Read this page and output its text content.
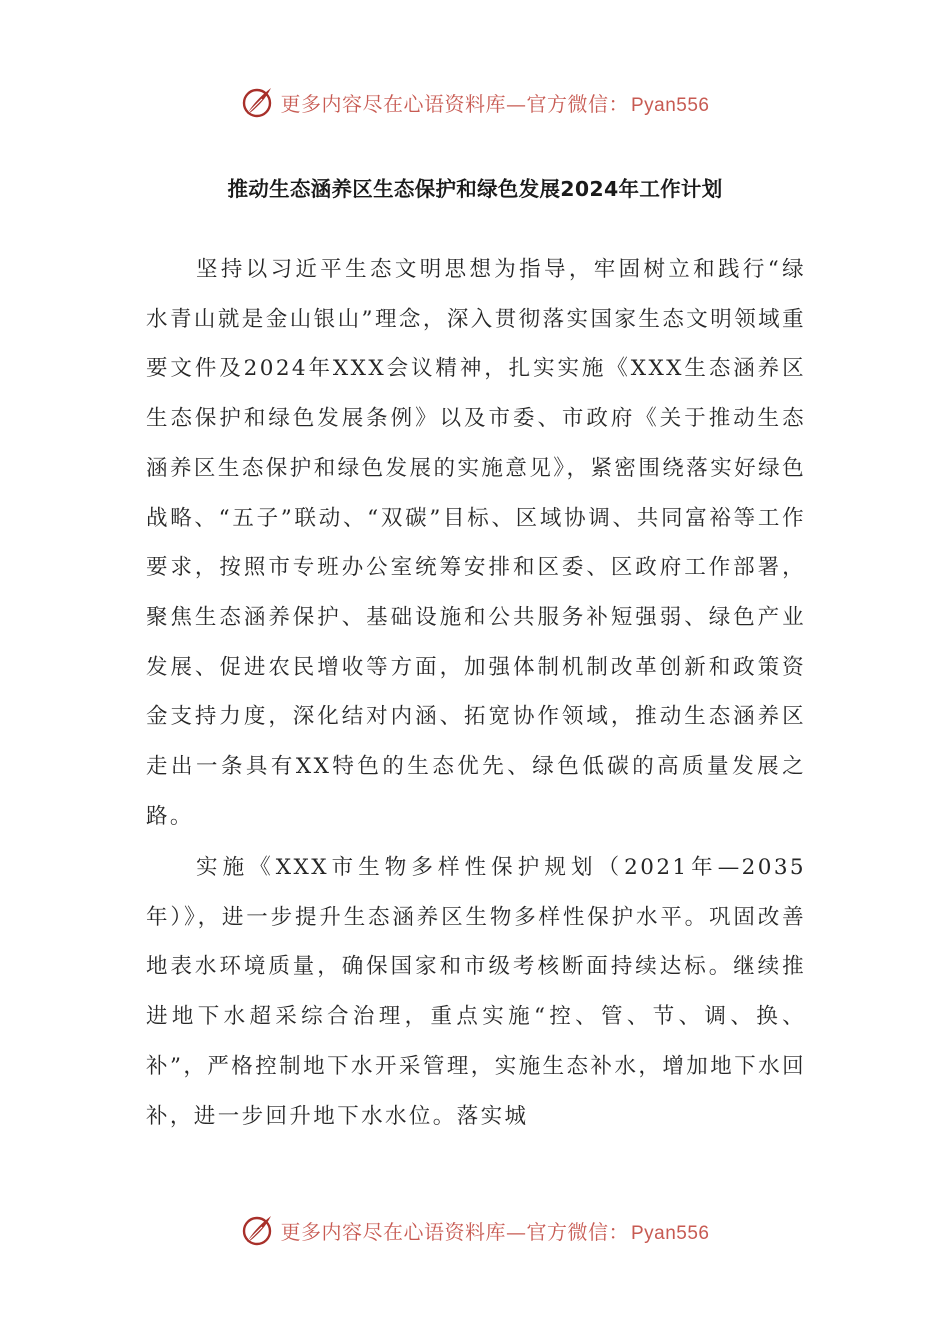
更多内容尽在心语资料库—官方微信： Pyan556
推动生态涵养区生态保护和绿色发展2024年工作计划

坚持以习近平生态文明思想为指导，牢固树立和践行“绿水青山就是金山银山”理念，深入贯彻落实国家生态文明领域重要文件及2024年XXX会议精神，扎实实施《XXX生态涵养区生态保护和绿色发展条例》以及市委、市政府《关于推动生态涵养区生态保护和绿色发展的实施意见》，紧密围绕落实好绿色战略、“五子”联动、“双碳”目标、区域协调、共同富裕等工作要求，按照市专班办公室统筹安排和区委、区政府工作部署，聚焦生态涵养保护、基础设施和公共服务补短强弱、绿色产业发展、促进农民增收等方面，加强体制机制改革创新和政策资金支持力度，深化结对内涵、拓宽协作领域，推动生态涵养区走出一条具有XX特色的生态优先、绿色低碳的高质量发展之路。

实施《XXX市生物多样性保护规划（2021年—2035年）》，进一步提升生态涵养区生物多样性保护水平。巩固改善地表水环境质量，确保国家和市级考核断面持续达标。继续推进地下水超采综合治理，重点实施“控、管、节、调、换、补”，严格控制地下水开采管理，实施生态补水，增加地下水回补，进一步回升地下水水位。落实城

更多内容尽在心语资料库—官方微信： Pyan556
